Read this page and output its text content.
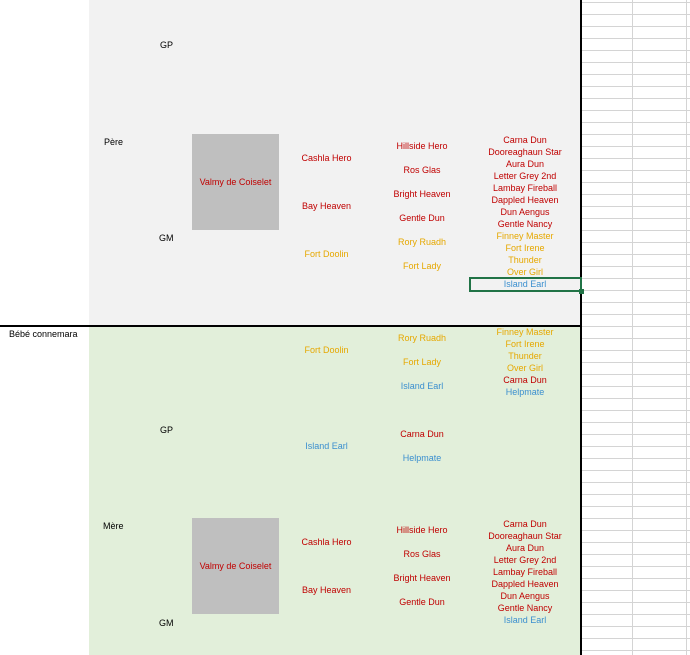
Valmy de Coiselet
Valmy de Coiselet
Cashla Hero
Bay Heaven
Fort Doolin
Fort Doolin
Island Earl
Cashla Hero
Bay Heaven
Hillside Hero
Ros Glas
Bright Heaven
Gentle Dun
Rory Ruadh
Fort Lady
Rory Ruadh
Fort Lady
Island Earl
Carna Dun
Helpmate
Hillside Hero
Ros Glas
Bright Heaven
Gentle Dun
Carna Dun
Dooreaghaun Star
Aura Dun
Letter Grey 2nd
Lambay Fireball
Dappled Heaven
Dun Aengus
Gentle Nancy
Finney Master
Fort Irene
Thunder
Over Girl
Island Earl
Finney Master
Fort Irene
Thunder
Over Girl
Carna Dun
Helpmate
Carna Dun
Dooreaghaun Star
Aura Dun
Letter Grey 2nd
Lambay Fireball
Dappled Heaven
Dun Aengus
Gentle Nancy
Island Earl
Bébé connemara
Père
Mère
GP
GM
GP
GM
